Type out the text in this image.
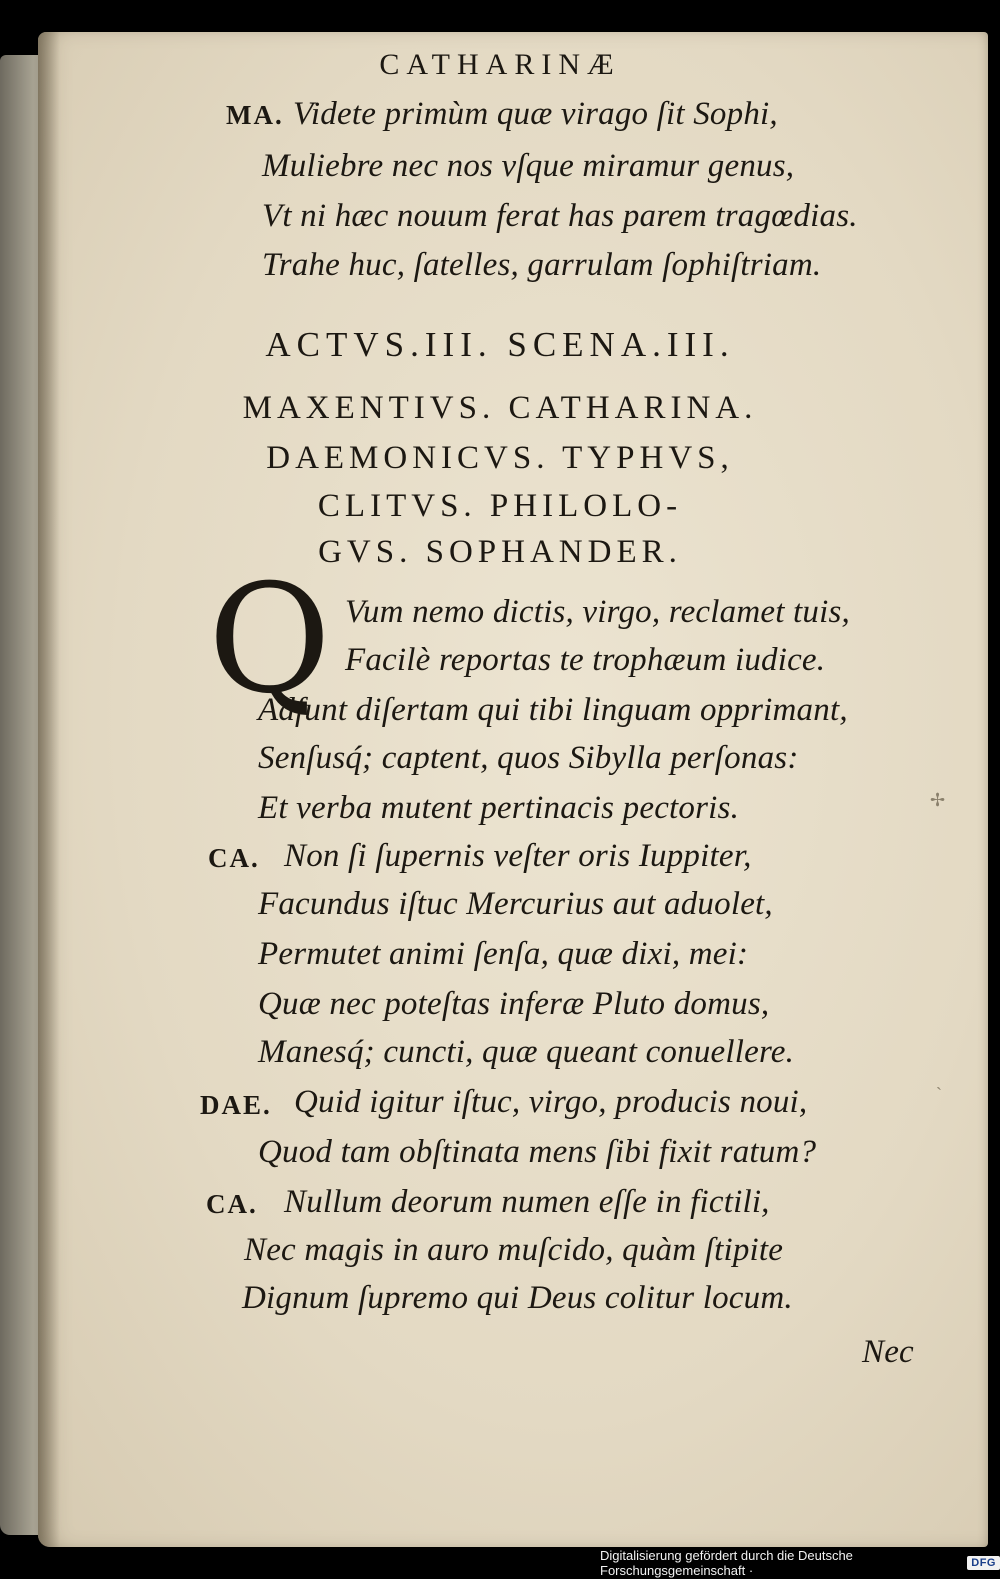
CATHARINÆ
MA. Videte primùm quæ virago ſit Sophi,
Muliebre nec nos vſque miramur genus,
Vt ni hæc nouum ferat has parem tragœdias.
Trahe huc, ſatelles, garrulam ſophiſtriam.
ACTVS.III. SCENA.III.
MAXENTIVS. CATHARINA.
DAEMONICVS. TYPHVS,
CLITVS. PHILOLO-
GVS. SOPHANDER.
Q Vum nemo dictis, virgo, reclamet tuis,
Facilè reportas te trophæum iudice.
Adſunt diſertam qui tibi linguam opprimant,
Senſusq́; captent, quos Sibylla perſonas:
Et verba mutent pertinacis pectoris.
CA. Non ſi ſupernis veſter oris Iuppiter,
Facundus iſtuc Mercurius aut aduolet,
Permutet animi ſenſa, quæ dixi, mei:
Quæ nec poteſtas inferæ Pluto domus,
Manesq́; cuncti, quæ queant conuellere.
DAE. Quid igitur iſtuc, virgo, producis noui,
Quod tam obſtinata mens ſibi fixit ratum?
CA. Nullum deorum numen eſſe in fictili,
Nec magis in auro muſcido, quàm ſtipite
Dignum ſupremo qui Deus colitur locum.
Nec
✢
ˏ
Digitalisierung gefördert durch die Deutsche Forschungsgemeinschaft ·	DFG
